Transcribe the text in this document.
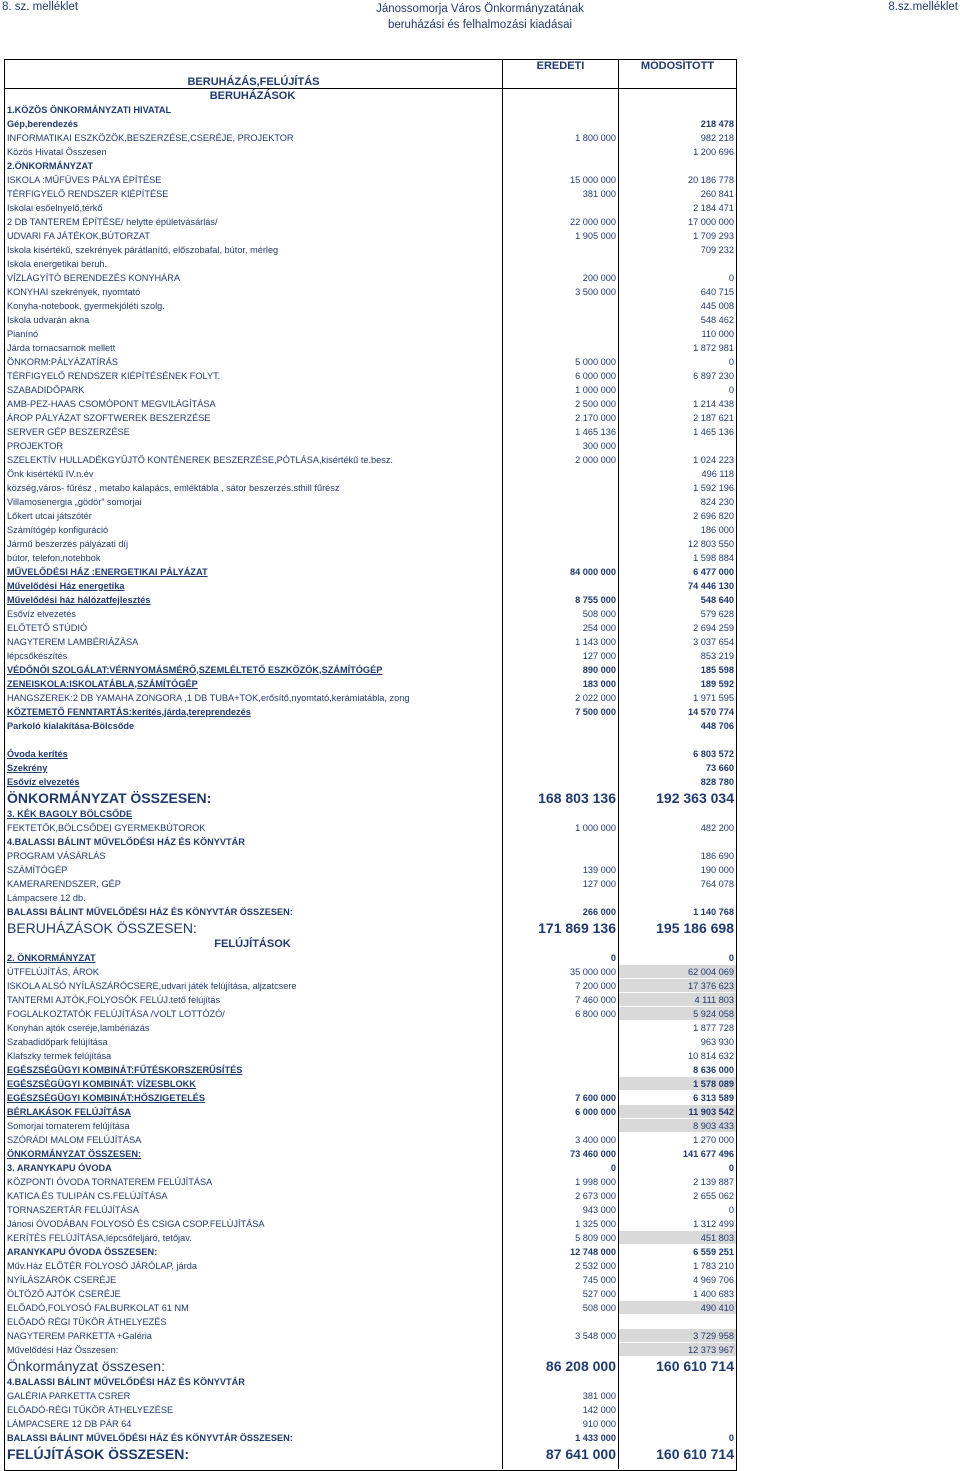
8. sz. melléklet	Jánossomorja Város Önkormányzatának
beruházási és felhalmozási kiadásai
8.sz.melléklet
BERUHÁZÁS,FELÚJÍTÁS	EREDETI	MÓDOSÍTOTT
BERUHÁZÁSOK		
1.KÖZÖS ÖNKORMÁNYZATI HIVATAL		
Gép,berendezés		218 478
INFORMATIKAI ESZKÖZÖK,BESZERZÉSE,CSERÉJE, PROJEKTOR	1 800 000	982 218
Közös Hivatal Összesen		1 200 696
2.ÖNKORMÁNYZAT		
ISKOLA :MŰFÜVES PÁLYA ÉPÍTÉSE	15 000 000	20 186 778
TÉRFIGYELŐ RENDSZER KIÉPÍTÉSE	381 000	260 841
Iskolai esőelnyelő,térkő		2 184 471
2 DB TANTEREM ÉPÍTÉSE/ helyttе épületvásárlás/	22 000 000	17 000 000
UDVARI FA JÁTÉKOK,BÚTORZAT	1 905 000	1 709 293
Iskola kisértékű, szekrények párátlanító, előszobafal, bútor, mérleg		709 232
Iskola energetikai beruh.		
VÍZLÁGYÍTÓ BERENDEZÉS KONYHÁRA	200 000	0
KONYHAI szekrények, nyomtató	3 500 000	640 715
Konyha-notebook, gyermekjóléti szolg.		445 008
Iskola udvarán akna		548 462
Pianínó		110 000
Járda tornacsarnok mellett		1 872 981
ÖNKORM:PÁLYÁZATÍRÁS	5 000 000	0
TÉRFIGYELŐ RENDSZER KIÉPÍTÉSÉNEK FOLYT.	6 000 000	6 897 230
SZABADIDŐPARK	1 000 000	0
AMB-PEZ-HAAS CSOMÓPONT MEGVILÁGÍTÁSA	2 500 000	1 214 438
ÁROP PÁLYÁZAT SZOFTWEREK BESZERZÉSE	2 170 000	2 187 621
SERVER GÉP BESZERZÉSE	1 465 136	1 465 136
PROJEKTOR	300 000	
SZELEKTÍV HULLADÉKGYŰJTŐ KONTÉNEREK BESZERZÉSE,PÓTLÁSA,kisértékű te.besz.	2 000 000	1 024 223
Önk kisértékű IV.n.év		496 118
község,város- fűrész , metabo kalapács, emléktábla , sátor beszerzés.sthill fűrész		1 592 196
Villamosenergia „gödör” somorjai		824 230
Lőkert utcai játszótér		2 696 820
Számítógép konfiguráció		186 000
Jármű beszerzés pályázati díj		12 803 550
bútor, telefon,notebbok		1 598 884
MŰVELŐDÉSI HÁZ :ENERGETIKAI PÁLYÁZAT	84 000 000	6 477 000
Művelődési Ház energetika		74 446 130
Művelődési ház hálózatfejlesztés	8 755 000	548 640
Esővíz elvezetés	508 000	579 628
ELŐTETŐ STÚDIÓ	254 000	2 694 259
NAGYTEREM LAMBÉRIÁZÁSA	1 143 000	3 037 654
lépcsőkészítés	127 000	853 219
VÉDŐNŐI SZOLGÁLAT:VÉRNYOMÁSMÉRŐ,SZEMLÉLTETŐ ESZKÖZÖK,SZÁMÍTÓGÉP	890 000	185 598
ZENEISKOLA:ISKOLATÁBLA,SZÁMÍTÓGÉP	183 000	189 592
HANGSZEREK:2 DB YAMAHA ZONGORA ,1 DB TUBA+TOK,erősítő,nyomtató,kerámiatábla, zong	2 022 000	1 971 595
KÖZTEMETŐ FENNTARTÁS:kerítés,járda,tereprendezés	7 500 000	14 570 774
Parkoló kialakítása-Bölcsőde		448 706

Óvoda kerítés		6 803 572
Szekrény		73 660
Esővíz elvezetés		828 780
ÖNKORMÁNYZAT ÖSSZESEN:	168 803 136	192 363 034
3. KÉK BAGOLY BÖLCSŐDE		
FEKTETŐK,BÖLCSŐDEI GYERMEKBÚTOROK	1 000 000	482 200
4.BALASSI BÁLINT MŰVELŐDÉSI HÁZ ÉS KÖNYVTÁR		
PROGRAM VÁSÁRLÁS		186 690
SZÁMÍTÓGÉP	139 000	190 000
KAMERARENDSZER, GÉP	127 000	764 078
Lámpacsere 12 db.		
BALASSI BÁLINT MŰVELŐDÉSI HÁZ ÉS KÖNYVTÁR ÖSSZESEN:	266 000	1 140 768
BERUHÁZÁSOK ÖSSZESEN:	171 869 136	195 186 698
FELÚJÍTÁSOK		
2. ÖNKORMÁNYZAT	0	0
ÚTFELÚJÍTÁS, ÁROK	35 000 000	62 004 069
ISKOLA ALSÓ NYÍLÁSZÁRÓCSERE,udvari játék felújítása, aljzatcsere	7 200 000	17 376 623
TANTERMI AJTÓK,FOLYOSÓK FELÚJ.tető felújítás	7 460 000	4 111 803
FOGLALKOZTATÓK FELÚJÍTÁSA /VOLT LOTTÓZÓ/	6 800 000	5 924 058
Konyhán ajtók cseréje,lambériázás		1 877 728
Szabadidőpark felújítása		963 930
Klafszky termek felújítása		10 814 632
EGÉSZSÉGÜGYI KOMBINÁT:FŰTÉSKORSZERŰSÍTÉS		8 636 000
EGÉSZSÉGÜGYI KOMBINÁT: VÍZESBLOKK		1 578 089
EGÉSZSÉGÜGYI KOMBINÁT:HŐSZIGETELÉS	7 600 000	6 313 589
BÉRLAKÁSOK FELÚJÍTÁSA	6 000 000	11 903 542
Somorjai tornaterem felújítása		8 903 433
SZÓRÁDI MALOM FELÚJÍTÁSA	3 400 000	1 270 000
ÖNKORMÁNYZAT ÖSSZESEN:	73 460 000	141 677 496
3. ARANYKAPU ÓVODA	0	0
KÖZPONTI ÓVODA TORNATEREM FELÚJÍTÁSA	1 998 000	2 139 887
KATICA ÉS TULIPÁN CS.FELÚJÍTÁSA	2 673 000	2 655 062
TORNASZERTÁR FELÚJÍTÁSA	943 000	0
Jánosi ÓVODÁBAN FOLYOSÓ ÉS CSIGA CSOP.FELÚJÍTÁSA	1 325 000	1 312 499
KERÍTÉS FELÚJÍTÁSA,lépcsőfeljáró, tetőjav.	5 809 000	451 803
ARANYKAPU ÓVODA ÖSSZESEN:	12 748 000	6 559 251
Műv.Ház ELŐTÉR FOLYOSÓ JÁRÓLAP, járda	2 532 000	1 783 210
NYÍLÁSZÁRÓK CSERÉJE	745 000	4 969 706
ÖLTÖZŐ AJTÓK CSERÉJE	527 000	1 400 683
ELŐADÓ,FOLYOSÓ FALBURKOLAT 61 NM	508 000	490 410
ELŐADÓ RÉGI TÜKÖR ÁTHELYEZÉS		
NAGYTEREM PARKETTA +Galéria	3 548 000	3 729 958
Művelődési Ház Összesen:		12 373 967
Önkormányzat összesen:	86 208 000	160 610 714
4.BALASSI BÁLINT MŰVELŐDÉSI HÁZ ÉS KÖNYVTÁR		
GALÉRIA PARKETTA CSRER	381 000	
ELŐADÓ-RÉGI TÜKÖR ÁTHELYEZÉSE	142 000	
LÁMPACSERE 12 DB PÁR 64	910 000	
BALASSI BÁLINT MŰVELŐDÉSI HÁZ ÉS KÖNYVTÁR ÖSSZESEN:	1 433 000	0
FELÚJÍTÁSOK ÖSSZESEN:	87 641 000	160 610 714
